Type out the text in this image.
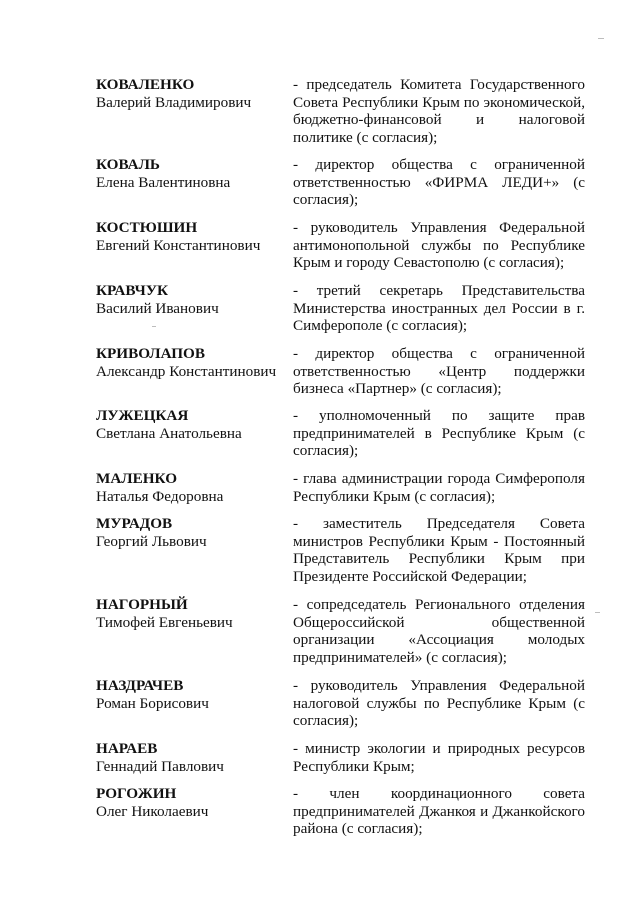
КОВАЛЕНКО
Валерий Владимирович
- председатель Комитета Государственного Совета Республики Крым по экономической, бюджетно-финансовой и налоговой политике (с согласия);
КОВАЛЬ
Елена Валентиновна
- директор общества с ограниченной ответственностью «ФИРМА ЛЕДИ+» (с согласия);
КОСТЮШИН
Евгений Константинович
- руководитель Управления Федеральной антимонопольной службы по Республике Крым и городу Севастополю (с согласия);
КРАВЧУК
Василий Иванович
- третий секретарь Представительства Министерства иностранных дел России в г. Симферополе (с согласия);
КРИВОЛАПОВ
Александр Константинович
- директор общества с ограниченной ответственностью «Центр поддержки бизнеса «Партнер» (с согласия);
ЛУЖЕЦКАЯ
Светлана Анатольевна
- уполномоченный по защите прав предпринимателей в Республике Крым (с согласия);
МАЛЕНКО
Наталья Федоровна
- глава администрации города Симферополя Республики Крым (с согласия);
МУРАДОВ
Георгий Львович
- заместитель Председателя Совета министров Республики Крым - Постоянный Представитель Республики Крым при Президенте Российской Федерации;
НАГОРНЫЙ
Тимофей Евгеньевич
- сопредседатель Регионального отделения Общероссийской общественной организации «Ассоциация молодых предпринимателей» (с согласия);
НАЗДРАЧЕВ
Роман Борисович
- руководитель Управления Федеральной налоговой службы по Республике Крым (с согласия);
НАРАЕВ
Геннадий Павлович
- министр экологии и природных ресурсов Республики Крым;
РОГОЖИН
Олег Николаевич
- член координационного совета предпринимателей Джанкоя и Джанкойского района (с согласия);
